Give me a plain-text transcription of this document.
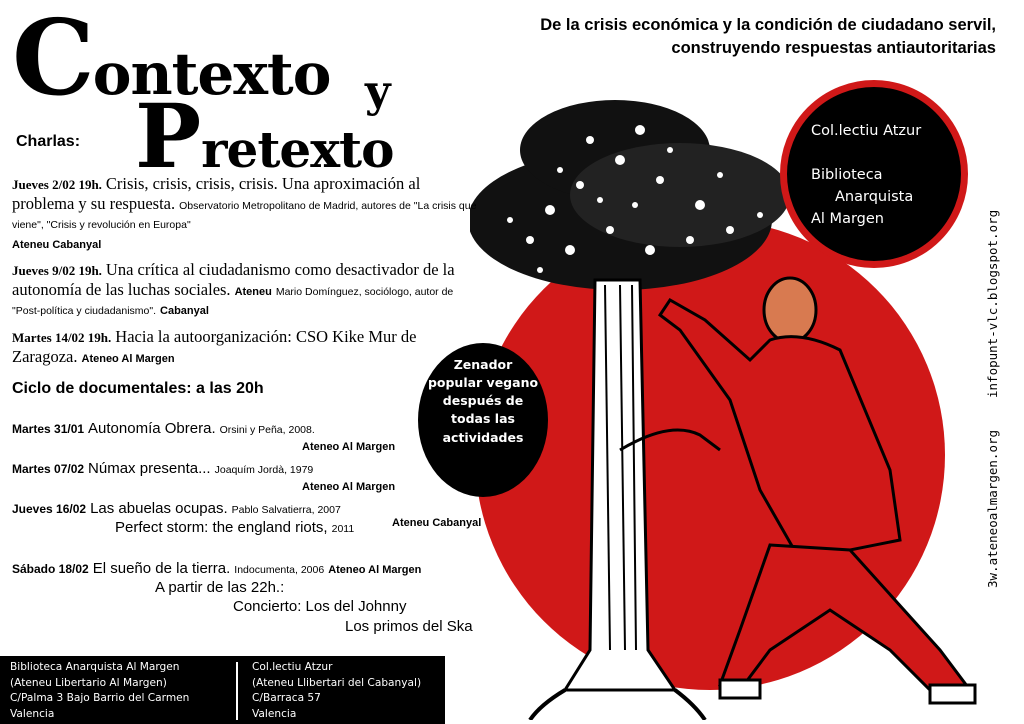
Contexto y
Pretexto
De la crisis económica y la condición de ciudadano servil,
construyendo respuestas antiautoritarias
Charlas:
Jueves 2/02 19h. Crisis, crisis, crisis, crisis. Una aproximación al problema y su respuesta. Observatorio Metropolitano de Madrid, autores de "La crisis que viene", "Crisis y revolución en Europa"
Ateneu Cabanyal
Jueves 9/02 19h. Una crítica al ciudadanismo como desactivador de la autonomía de las luchas sociales. Ateneu Mario Domínguez, sociólogo, autor de "Post-política y ciudadanismo". Cabanyal
Martes 14/02 19h. Hacia la autoorganización: CSO Kike Mur de Zaragoza. Ateneo Al Margen
Ciclo de documentales: a las 20h
Martes 31/01 Autonomía Obrera. Orsini y Peña, 2008.
Ateneo Al Margen
Martes 07/02 Númax presenta... Joaquím Jordà, 1979
Ateneo Al Margen
Jueves 16/02 Las abuelas ocupas. Pablo Salvatierra, 2007
Perfect storm: the england riots, 2011	Ateneu Cabanyal
Sábado 18/02 El sueño de la tierra. Indocumenta, 2006 Ateneo Al Margen
A partir de las 22h.:
Concierto: Los del Johnny
Los primos del Ska
Col.lectiu Atzur
Biblioteca
Anarquista
Al Margen
Zenador
popular vegano
después de
todas las
actividades
infopunt-vlc.blogspot.org
3w.ateneoalmargen.org
Biblioteca Anarquista Al Margen
(Ateneu Libertario Al Margen)
C/Palma 3 Bajo Barrio del Carmen
Valencia
Col.lectiu Atzur
(Ateneu Llibertari del Cabanyal)
C/Barraca 57
Valencia
